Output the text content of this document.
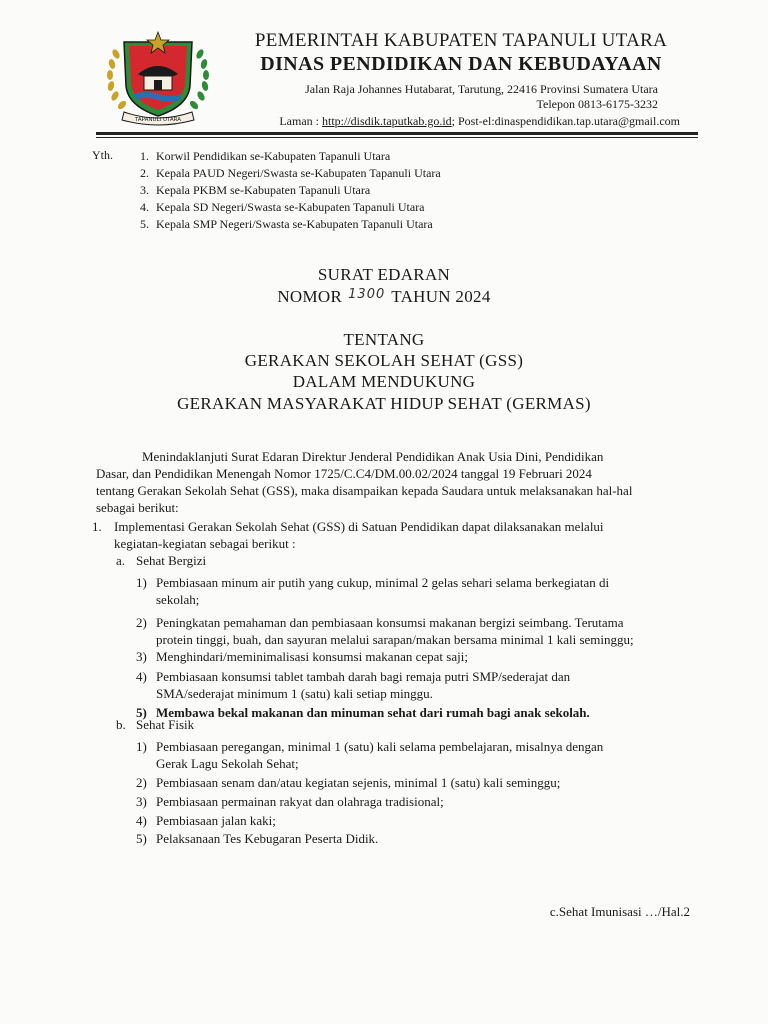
TAPANULI UTARA
PEMERINTAH KABUPATEN TAPANULI UTARA
DINAS PENDIDIKAN DAN KEBUDAYAAN
Jalan Raja Johannes Hutabarat, Tarutung, 22416 Provinsi Sumatera Utara
Telepon 0813-6175-3232
Laman : http://disdik.taputkab.go.id; Post-el:dinaspendidikan.tap.utara@gmail.com
Yth. 1. Korwil Pendidikan se-Kabupaten Tapanuli Utara
2. Kepala PAUD Negeri/Swasta se-Kabupaten Tapanuli Utara
3. Kepala PKBM se-Kabupaten Tapanuli Utara
4. Kepala SD Negeri/Swasta se-Kabupaten Tapanuli Utara
5. Kepala SMP Negeri/Swasta se-Kabupaten Tapanuli Utara
SURAT EDARAN
NOMOR 1300 TAHUN 2024
TENTANG
GERAKAN SEKOLAH SEHAT (GSS)
DALAM MENDUKUNG
GERAKAN MASYARAKAT HIDUP SEHAT (GERMAS)
Menindaklanjuti Surat Edaran Direktur Jenderal Pendidikan Anak Usia Dini, Pendidikan
Dasar, dan Pendidikan Menengah Nomor 1725/C.C4/DM.00.02/2024 tanggal 19 Februari 2024
tentang Gerakan Sekolah Sehat (GSS), maka disampaikan kepada Saudara untuk melaksanakan hal-hal
sebagai berikut:
1. Implementasi Gerakan Sekolah Sehat (GSS) di Satuan Pendidikan dapat dilaksanakan melalui
kegiatan-kegiatan sebagai berikut :
a. Sehat Bergizi
1) Pembiasaan minum air putih yang cukup, minimal 2 gelas sehari selama berkegiatan di
sekolah;
2) Peningkatan pemahaman dan pembiasaan konsumsi makanan bergizi seimbang. Terutama
protein tinggi, buah, dan sayuran melalui sarapan/makan bersama minimal 1 kali seminggu;
3) Menghindari/meminimalisasi konsumsi makanan cepat saji;
4) Pembiasaan konsumsi tablet tambah darah bagi remaja putri SMP/sederajat dan
SMA/sederajat minimum 1 (satu) kali setiap minggu.
5) Membawa bekal makanan dan minuman sehat dari rumah bagi anak sekolah.
b. Sehat Fisik
1) Pembiasaan peregangan, minimal 1 (satu) kali selama pembelajaran, misalnya dengan
Gerak Lagu Sekolah Sehat;
2) Pembiasaan senam dan/atau kegiatan sejenis, minimal 1 (satu) kali seminggu;
3) Pembiasaan permainan rakyat dan olahraga tradisional;
4) Pembiasaan jalan kaki;
5) Pelaksanaan Tes Kebugaran Peserta Didik.
c.Sehat Imunisasi …/Hal.2
